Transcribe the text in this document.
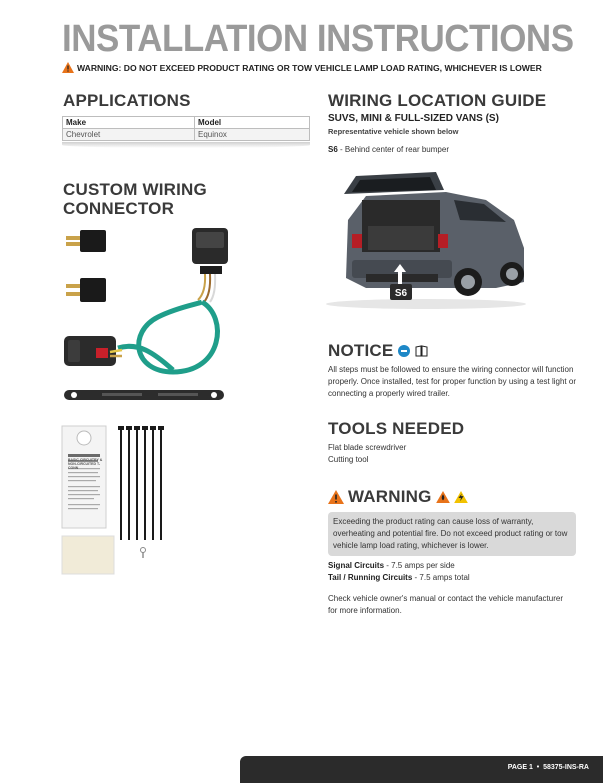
INSTALLATION INSTRUCTIONS
WARNING: DO NOT EXCEED PRODUCT RATING OR TOW VEHICLE LAMP LOAD RATING, WHICHEVER IS LOWER
APPLICATIONS
Make	Model
Chevrolet	Equinox
CUSTOM WIRING CONNECTOR
BASIC CIRCUITRY & NON-CIRCUITED T-CONN
WIRING LOCATION GUIDE
SUVS, MINI & FULL-SIZED VANS (S)
Representative vehicle shown below
S6 - Behind center of rear bumper
S6
NOTICE
All steps must be followed to ensure the wiring connector will function properly. Once installed, test for proper function by using a test light or connecting a properly wired trailer.
TOOLS NEEDED
Flat blade screwdriver
Cutting tool
WARNING
Exceeding the product rating can cause loss of warranty, overheating and potential fire. Do not exceed product rating or tow vehicle lamp load rating, whichever is lower.
Signal Circuits - 7.5 amps per side
Tail / Running Circuits - 7.5 amps total
Check vehicle owner's manual or contact the vehicle manufacturer for more information.
PAGE 1  •  58375-INS-RA
